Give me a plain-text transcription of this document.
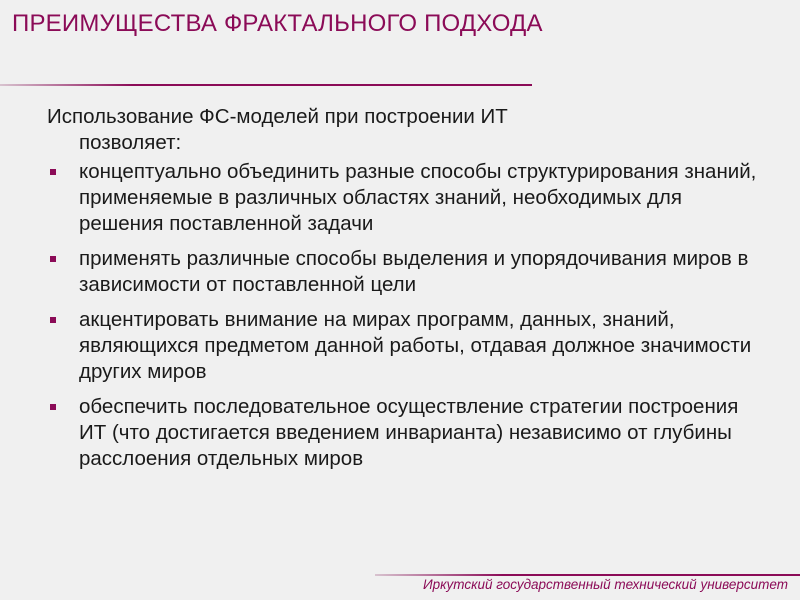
ПРЕИМУЩЕСТВА ФРАКТАЛЬНОГО ПОДХОДА
Использование ФС-моделей при построении ИТ
позволяет:
концептуально объединить разные способы структурирования знаний, применяемые в различных областях знаний, необходимых для решения поставленной задачи
применять различные способы выделения и упорядочивания миров в зависимости от поставленной цели
акцентировать внимание на мирах программ, данных, знаний, являющихся предметом данной работы, отдавая должное значимости других миров
обеспечить последовательное осуществление стратегии построения ИТ (что достигается введением инварианта) независимо от глубины расслоения отдельных миров
Иркутский государственный технический университет
